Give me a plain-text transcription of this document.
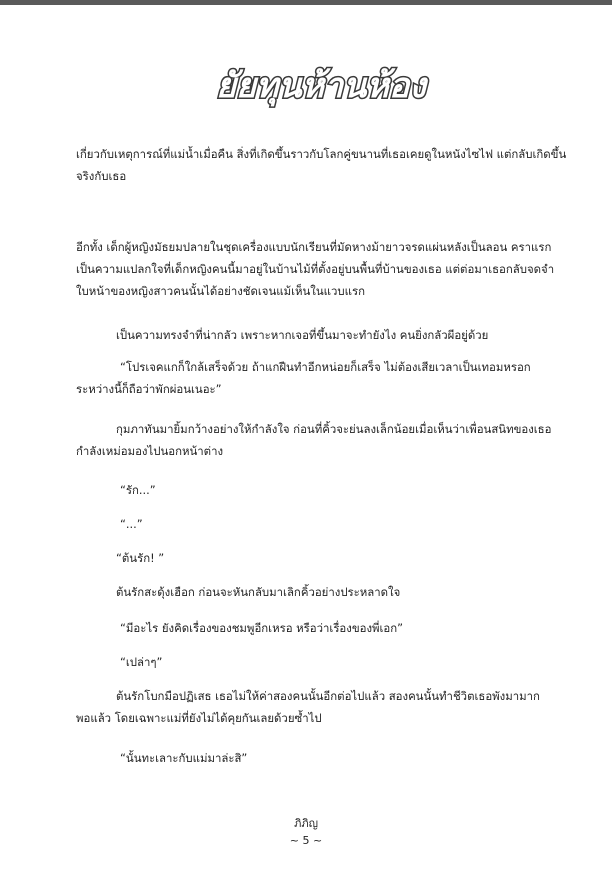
ยัยทุนห้านห้อง
เกี่ยวกับเหตุการณ์ที่แม่น้ำเมื่อคืน สิ่งที่เกิดขึ้นราวกับโลกคู่ขนานที่เธอเคยดูในหนังไซไฟ แต่กลับเกิดขึ้น
จริงกับเธอ
อีกทั้ง เด็กผู้หญิงมัธยมปลายในชุดเครื่องแบบนักเรียนที่มัดหางม้ายาวจรดแผ่นหลังเป็นลอน คราแรก
เป็นความแปลกใจที่เด็กหญิงคนนี้มาอยู่ในบ้านไม้ที่ตั้งอยู่บนพื้นที่บ้านของเธอ แต่ต่อมาเธอกลับจดจำ
ใบหน้าของหญิงสาวคนนั้นได้อย่างชัดเจนแม้เห็นในแวบแรก
เป็นความทรงจำที่น่ากลัว เพราะหากเจอที่ขึ้นมาจะทำยังไง คนยิ่งกลัวผีอยู่ด้วย
“โปรเจคแกก็ใกล้เสร็จด้วย ถ้าแกฝืนทำอีกหน่อยก็เสร็จ ไม่ต้องเสียเวลาเป็นเทอมหรอก
ระหว่างนี้ก็ถือว่าพักผ่อนเนอะ”
กุมภาทันมายิ้มกว้างอย่างให้กำลังใจ ก่อนที่คิ้วจะย่นลงเล็กน้อยเมื่อเห็นว่าเพื่อนสนิทของเธอ
กำลังเหม่อมองไปนอกหน้าต่าง
“รัก...”
“...”
“ต้นรัก! ”
ต้นรักสะดุ้งเฮือก ก่อนจะหันกลับมาเลิกคิ้วอย่างประหลาดใจ
“มีอะไร ยังคิดเรื่องของชมพูอีกเหรอ หรือว่าเรื่องของพี่เอก”
“เปล่าๆ”
ต้นรักโบกมือปฏิเสธ เธอไม่ให้ค่าสองคนนั้นอีกต่อไปแล้ว สองคนนั้นทำชีวิตเธอพังมามาก
พอแล้ว โดยเฉพาะแม่ที่ยังไม่ได้คุยกันเลยด้วยซ้ำไป
“นั้นทะเลาะกับแม่มาล่ะสิ”
ภิภิญ
~ 5 ~
